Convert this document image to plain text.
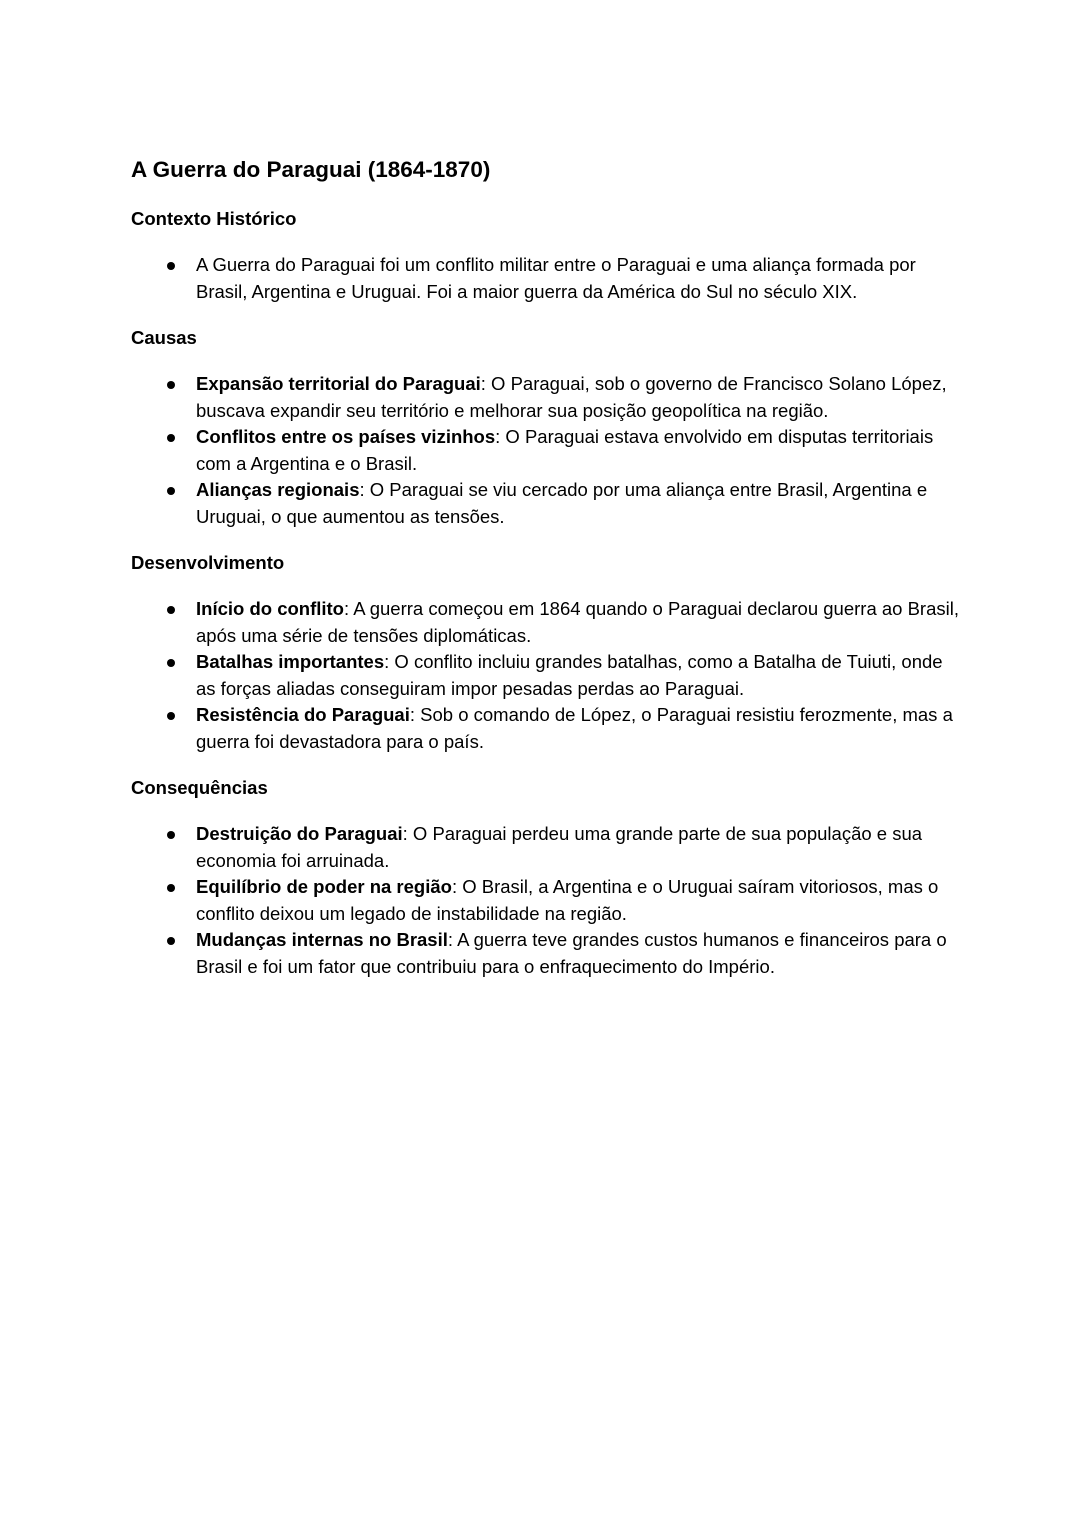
A Guerra do Paraguai (1864-1870)
Contexto Histórico
A Guerra do Paraguai foi um conflito militar entre o Paraguai e uma aliança formada por Brasil, Argentina e Uruguai. Foi a maior guerra da América do Sul no século XIX.
Causas
Expansão territorial do Paraguai: O Paraguai, sob o governo de Francisco Solano López, buscava expandir seu território e melhorar sua posição geopolítica na região.
Conflitos entre os países vizinhos: O Paraguai estava envolvido em disputas territoriais com a Argentina e o Brasil.
Alianças regionais: O Paraguai se viu cercado por uma aliança entre Brasil, Argentina e Uruguai, o que aumentou as tensões.
Desenvolvimento
Início do conflito: A guerra começou em 1864 quando o Paraguai declarou guerra ao Brasil, após uma série de tensões diplomáticas.
Batalhas importantes: O conflito incluiu grandes batalhas, como a Batalha de Tuiuti, onde as forças aliadas conseguiram impor pesadas perdas ao Paraguai.
Resistência do Paraguai: Sob o comando de López, o Paraguai resistiu ferozmente, mas a guerra foi devastadora para o país.
Consequências
Destruição do Paraguai: O Paraguai perdeu uma grande parte de sua população e sua economia foi arruinada.
Equilíbrio de poder na região: O Brasil, a Argentina e o Uruguai saíram vitoriosos, mas o conflito deixou um legado de instabilidade na região.
Mudanças internas no Brasil: A guerra teve grandes custos humanos e financeiros para o Brasil e foi um fator que contribuiu para o enfraquecimento do Império.
